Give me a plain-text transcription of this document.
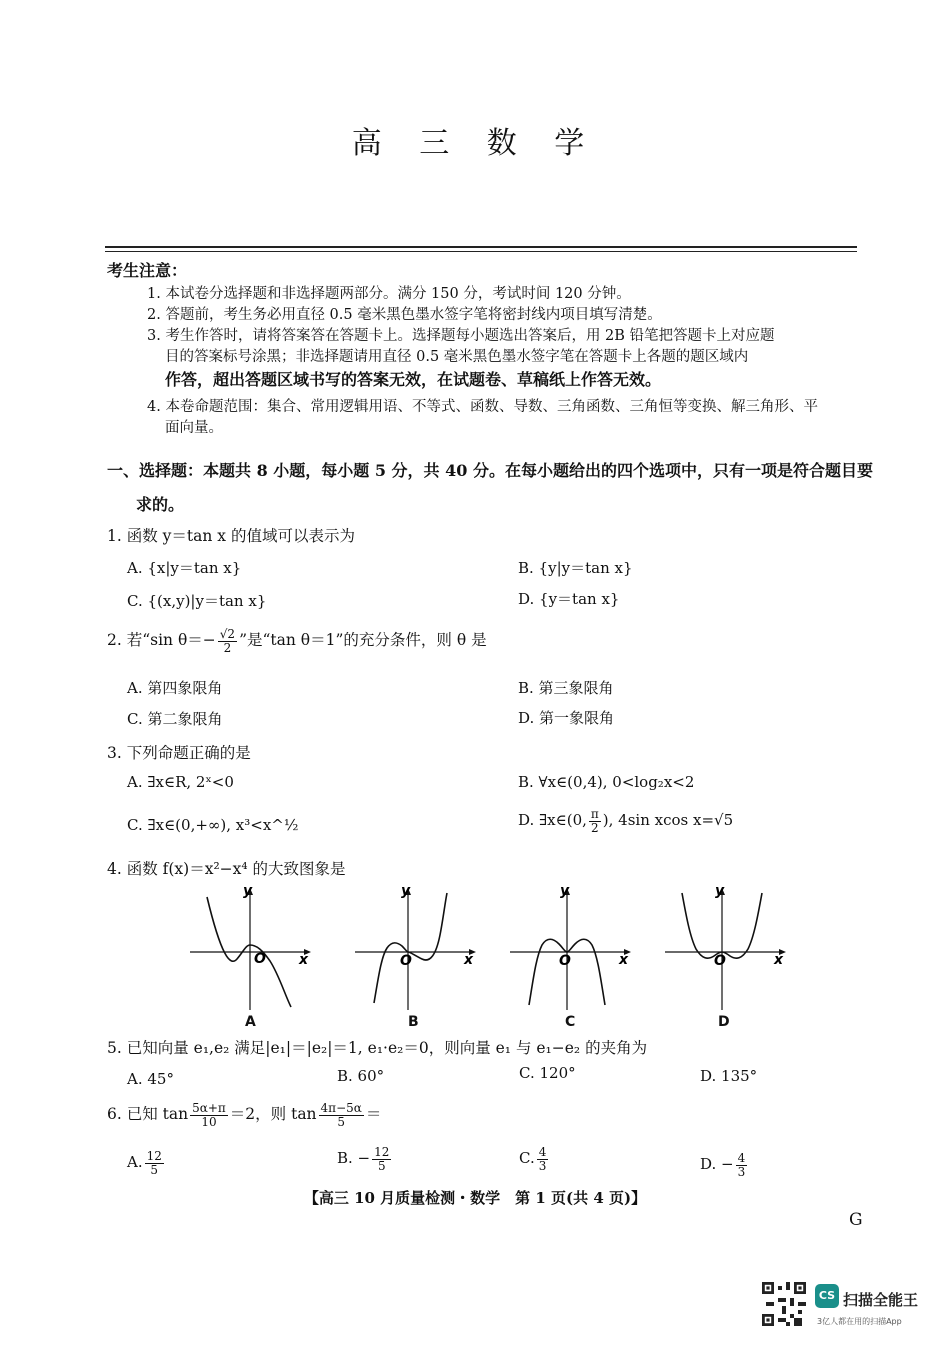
高 三 数 学
考生注意：
1. 本试卷分选择题和非选择题两部分。满分 150 分，考试时间 120 分钟。
2. 答题前，考生务必用直径 0.5 毫米黑色墨水签字笔将密封线内项目填写清楚。
3. 考生作答时，请将答案答在答题卡上。选择题每小题选出答案后，用 2B 铅笔把答题卡上对应题
目的答案标号涂黑；非选择题请用直径 0.5 毫米黑色墨水签字笔在答题卡上各题的题区域内
作答，超出答题区域书写的答案无效，在试题卷、草稿纸上作答无效。
4. 本卷命题范围：集合、常用逻辑用语、不等式、函数、导数、三角函数、三角恒等变换、解三角形、平
面向量。
一、选择题：本题共 8 小题，每小题 5 分，共 40 分。在每小题给出的四个选项中，只有一项是符合题目要
求的。
1. 函数 y＝tan x 的值域可以表示为
A. {x|y＝tan x}	B. {y|y＝tan x}
C. {(x,y)|y＝tan x}	D. {y＝tan x}
2. 若“sin $\theta=- \frac{√2}{2}$ ”是“tan θ＝1”的充分条件，则 θ 是
A. 第四象限角	B. 第三象限角
C. 第二象限角	D. 第一象限角
3. 下列命题正确的是
A. ∃x∈R, 2ˣ<0	B. ∀x∈(0,4), 0<log₂x<2
C. ∃x∈(0,+∞), x³<x^½	D. ∃x∈(0, $\frac{\pi}{2}$ ), 4sin xcos x=√5
4. 函数 f(x)＝x²−x⁴ 的大致图象是
y
x
O
A
y
x
O
B
y
x
O
C
y
x
O
D
5. 已知向量 e₁,e₂ 满足|e₁|＝|e₂|＝1, e₁·e₂＝0，则向量 e₁ 与 e₁−e₂ 的夹角为
A. 45°	B. 60°	C. 120°	D. 135°
6. 已知 $\tan \frac{5\alpha+\pi}{10} =2$，则 $\tan \frac{4\pi-5\alpha}{5}$ ＝
A. $\frac{12}{5}$	B. − $\frac{12}{5}$	C. $\frac{4}{3}$	D. − $\frac{4}{3}$
【高三 10 月质量检测・数学　第 1 页(共 4 页)】
G
CS 扫描全能王
3亿人都在用的扫描App
